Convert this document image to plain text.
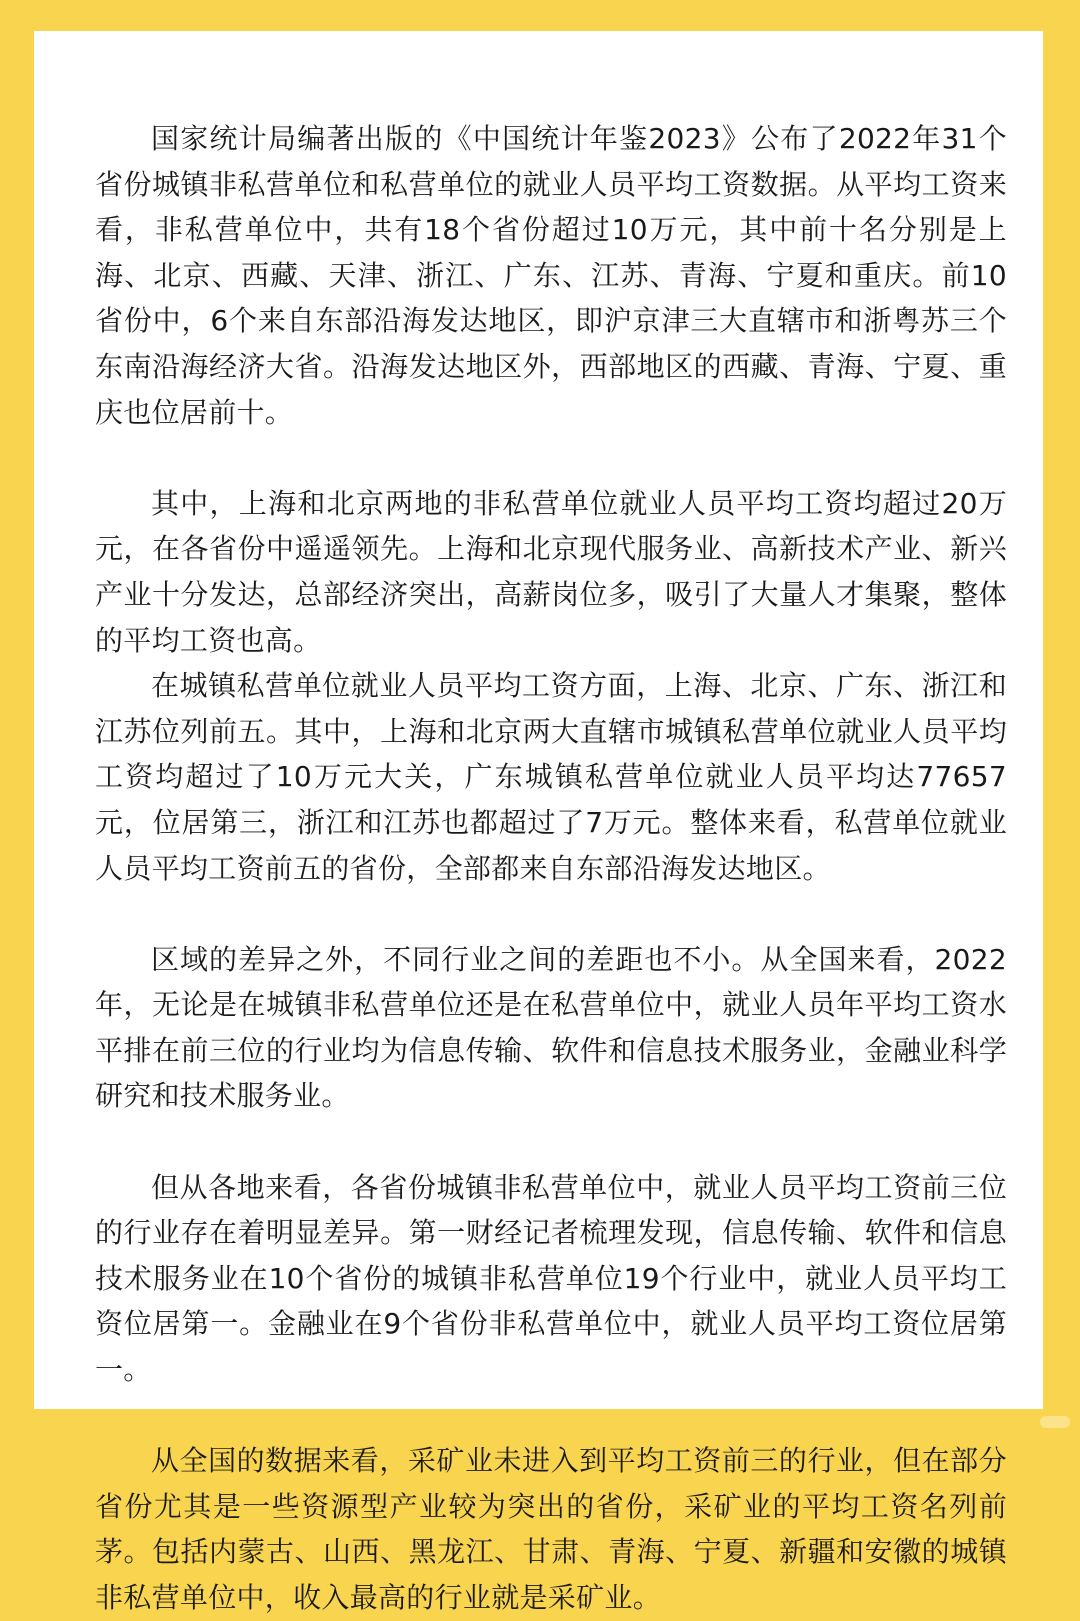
国家统计局编著出版的《中国统计年鉴2023》公布了2022年31个省份城镇非私营单位和私营单位的就业人员平均工资数据。从平均工资来看，非私营单位中，共有18个省份超过10万元，其中前十名分别是上海、北京、西藏、天津、浙江、广东、江苏、青海、宁夏和重庆。前10省份中，6个来自东部沿海发达地区，即沪京津三大直辖市和浙粤苏三个东南沿海经济大省。沿海发达地区外，西部地区的西藏、青海、宁夏、重庆也位居前十。

其中，上海和北京两地的非私营单位就业人员平均工资均超过20万元，在各省份中遥遥领先。上海和北京现代服务业、高新技术产业、新兴产业十分发达，总部经济突出，高薪岗位多，吸引了大量人才集聚，整体的平均工资也高。

在城镇私营单位就业人员平均工资方面，上海、北京、广东、浙江和江苏位列前五。其中，上海和北京两大直辖市城镇私营单位就业人员平均工资均超过了10万元大关，广东城镇私营单位就业人员平均达77657元，位居第三，浙江和江苏也都超过了7万元。整体来看，私营单位就业人员平均工资前五的省份，全部都来自东部沿海发达地区。

区域的差异之外，不同行业之间的差距也不小。从全国来看，2022年，无论是在城镇非私营单位还是在私营单位中，就业人员年平均工资水平排在前三位的行业均为信息传输、软件和信息技术服务业，金融业科学研究和技术服务业。

但从各地来看，各省份城镇非私营单位中，就业人员平均工资前三位的行业存在着明显差异。第一财经记者梳理发现，信息传输、软件和信息技术服务业在10个省份的城镇非私营单位19个行业中，就业人员平均工资位居第一。金融业在9个省份非私营单位中，就业人员平均工资位居第一。

从全国的数据来看，采矿业未进入到平均工资前三的行业，但在部分省份尤其是一些资源型产业较为突出的省份，采矿业的平均工资名列前茅。包括内蒙古、山西、黑龙江、甘肃、青海、宁夏、新疆和安徽的城镇非私营单位中，收入最高的行业就是采矿业。
